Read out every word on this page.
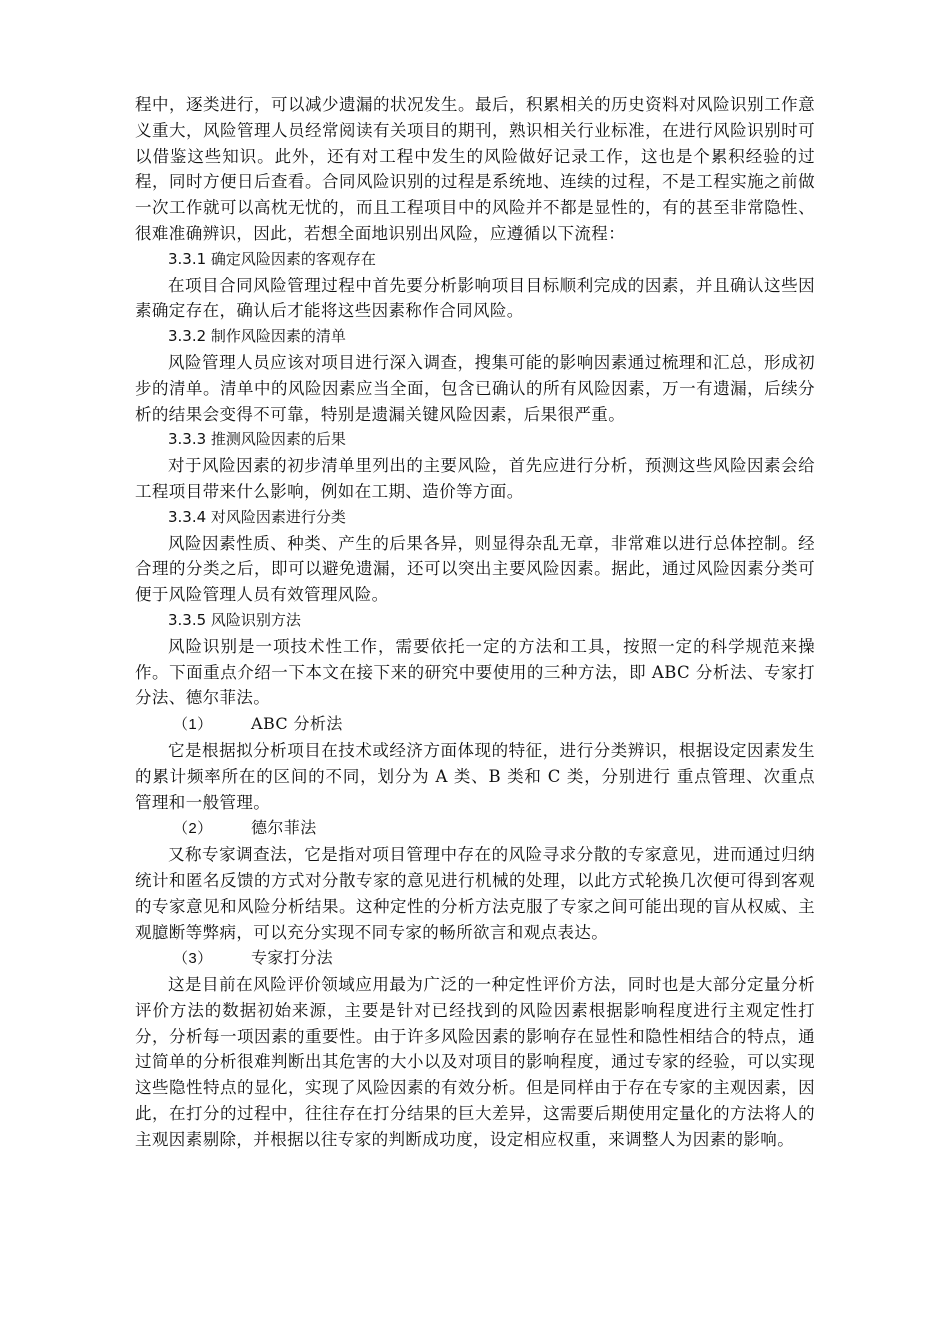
程中，逐类进行，可以减少遗漏的状况发生。最后，积累相关的历史资料对风险识别工作意义重大，风险管理人员经常阅读有关项目的期刊，熟识相关行业标准，在进行风险识别时可以借鉴这些知识。此外，还有对工程中发生的风险做好记录工作，这也是个累积经验的过程，同时方便日后查看。合同风险识别的过程是系统地、连续的过程，不是工程实施之前做一次工作就可以高枕无忧的，而且工程项目中的风险并不都是显性的，有的甚至非常隐性、很难准确辨识，因此，若想全面地识别出风险，应遵循以下流程：

3.3.1 确定风险因素的客观存在

在项目合同风险管理过程中首先要分析影响项目目标顺利完成的因素，并且确认这些因素确定存在，确认后才能将这些因素称作合同风险。

3.3.2 制作风险因素的清单

风险管理人员应该对项目进行深入调查，搜集可能的影响因素通过梳理和汇总，形成初步的清单。清单中的风险因素应当全面，包含已确认的所有风险因素，万一有遗漏，后续分析的结果会变得不可靠，特别是遗漏关键风险因素，后果很严重。

3.3.3 推测风险因素的后果

对于风险因素的初步清单里列出的主要风险，首先应进行分析，预测这些风险因素会给工程项目带来什么影响，例如在工期、造价等方面。

3.3.4 对风险因素进行分类

风险因素性质、种类、产生的后果各异，则显得杂乱无章，非常难以进行总体控制。经合理的分类之后，即可以避免遗漏，还可以突出主要风险因素。据此，通过风险因素分类可便于风险管理人员有效管理风险。

3.3.5 风险识别方法

风险识别是一项技术性工作，需要依托一定的方法和工具，按照一定的科学规范来操作。下面重点介绍一下本文在接下来的研究中要使用的三种方法，即 ABC 分析法、专家打分法、德尔菲法。

（1） ABC 分析法

它是根据拟分析项目在技术或经济方面体现的特征，进行分类辨识，根据设定因素发生的累计频率所在的区间的不同，划分为 A 类、B 类和 C 类，分别进行 重点管理、次重点管理和一般管理。

（2） 德尔菲法

又称专家调查法，它是指对项目管理中存在的风险寻求分散的专家意见，进而通过归纳统计和匿名反馈的方式对分散专家的意见进行机械的处理，以此方式轮换几次便可得到客观的专家意见和风险分析结果。这种定性的分析方法克服了专家之间可能出现的盲从权威、主观臆断等弊病，可以充分实现不同专家的畅所欲言和观点表达。

（3） 专家打分法

这是目前在风险评价领域应用最为广泛的一种定性评价方法，同时也是大部分定量分析评价方法的数据初始来源，主要是针对已经找到的风险因素根据影响程度进行主观定性打分，分析每一项因素的重要性。由于许多风险因素的影响存在显性和隐性相结合的特点，通过简单的分析很难判断出其危害的大小以及对项目的影响程度，通过专家的经验，可以实现这些隐性特点的显化，实现了风险因素的有效分析。但是同样由于存在专家的主观因素，因此，在打分的过程中，往往存在打分结果的巨大差异，这需要后期使用定量化的方法将人的主观因素剔除，并根据以往专家的判断成功度，设定相应权重，来调整人为因素的影响。
